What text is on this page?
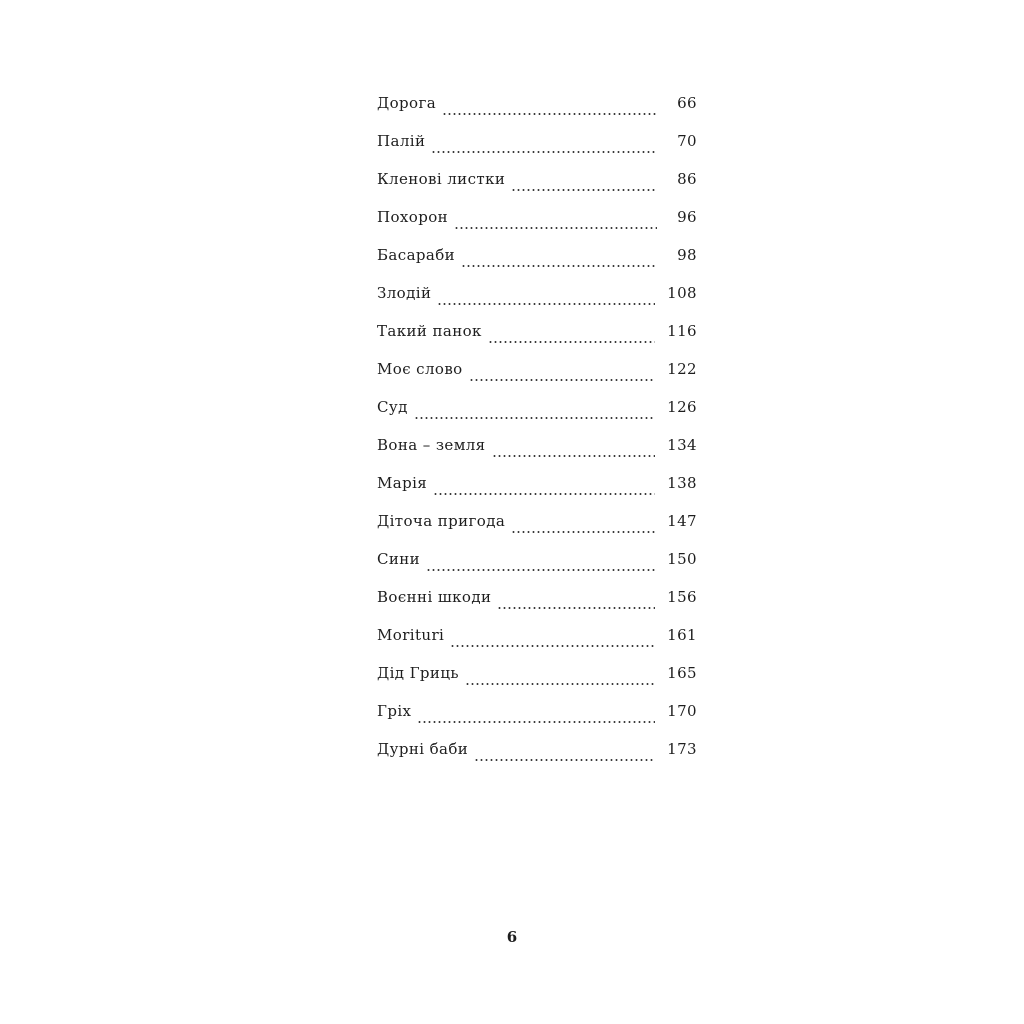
Дорога	66
Палій	70
Кленові листки	86
Похорон	96
Басараби	98
Злодій	108
Такий панок	116
Моє слово	122
Суд	126
Вона – земля	134
Марія	138
Діточа пригода	147
Сини	150
Воєнні шкоди	156
Moriturі	161
Дід Гриць	165
Гріх	170
Дурні баби	173
6
